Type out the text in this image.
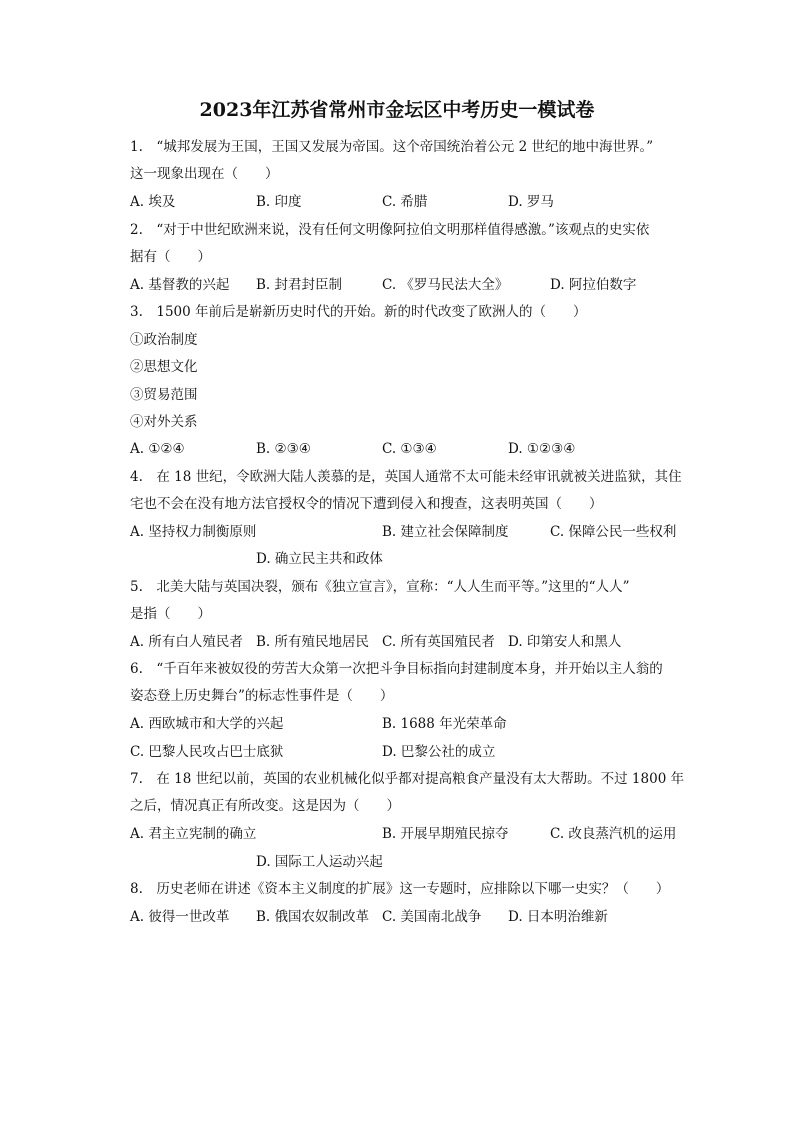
2023年江苏省常州市金坛区中考历史一模试卷
1.　“城邦发展为王国，王国又发展为帝国。这个帝国统治着公元 2 世纪的地中海世界。”
这一现象出现在（　　）
A. 埃及	B. 印度	C. 希腊	D. 罗马
2.　“对于中世纪欧洲来说，没有任何文明像阿拉伯文明那样值得感激。”该观点的史实依
据有（　　）
A. 基督教的兴起 B. 封君封臣制	C. 《罗马民法大全》	D. 阿拉伯数字
3.　1500 年前后是崭新历史时代的开始。新的时代改变了欧洲人的（　　）
①政治制度
②思想文化
③贸易范围
④对外关系
A. ①②④	B. ②③④	C. ①③④	D. ①②③④
4.　在 18 世纪，令欧洲大陆人羡慕的是，英国人通常不太可能未经审讯就被关进监狱，其住
宅也不会在没有地方法官授权令的情况下遭到侵入和搜查，这表明英国（　　）
A. 坚持权力制衡原则	B. 建立社会保障制度	C. 保障公民一些权利
D. 确立民主共和政体
5.　北美大陆与英国决裂，颁布《独立宣言》，宣称：“人人生而平等。”这里的“人人”
是指（　　）
A. 所有白人殖民者 B. 所有殖民地居民 C. 所有英国殖民者 D. 印第安人和黑人
6.　“千百年来被奴役的劳苦大众第一次把斗争目标指向封建制度本身，并开始以主人翁的
姿态登上历史舞台”的标志性事件是（　　）
A. 西欧城市和大学的兴起	B. 1688 年光荣革命
C. 巴黎人民攻占巴士底狱	D. 巴黎公社的成立
7.　在 18 世纪以前，英国的农业机械化似乎都对提高粮食产量没有太大帮助。不过 1800 年
之后，情况真正有所改变。这是因为（　　）
A. 君主立宪制的确立	B. 开展早期殖民掠夺	C. 改良蒸汽机的运用
D. 国际工人运动兴起
8.　历史老师在讲述《资本主义制度的扩展》这一专题时，应排除以下哪一史实？（　　）
A. 彼得一世改革 B. 俄国农奴制改革 C. 美国南北战争 D. 日本明治维新
